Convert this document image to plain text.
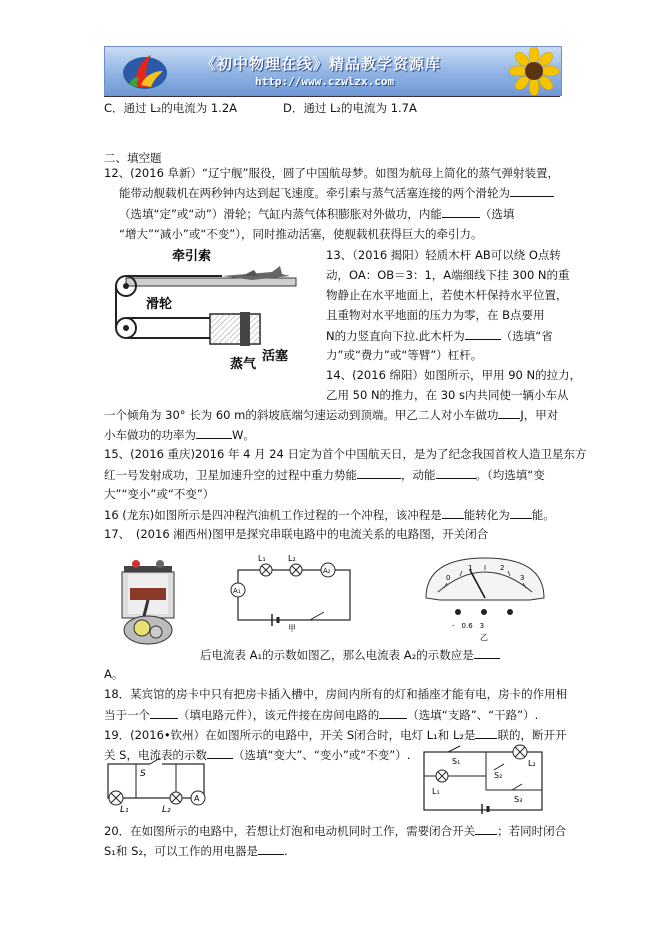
《初中物理在线》精品教学资源库
http://www.czwlzx.com
C．通过 L₂的电流为 1.2A　　　　D．通过 L₂的电流为 1.7A
二、填空题
12、(2016 阜新）“辽宁舰”服役，圆了中国航母梦。如图为航母上简化的蒸气弹射装置，
能带动舰载机在两秒钟内达到起飞速度。牵引索与蒸气活塞连接的两个滑轮为
（选填“定”或“动”）滑轮；气缸内蒸气体积膨胀对外做功，内能	（选填
“增大”“减小”或“不变”），同时推动活塞，使舰载机获得巨大的牵引力。
牵引索
滑轮
蒸气
活塞
13、（2016 揭阳）轻质木杆 AB可以绕 O点转
动，OA：OB＝3：1，A端细线下挂 300 N的重
物静止在水平地面上，若使木杆保持水平位置，
且重物对水平地面的压力为零，在 B点要用
N的力竖直向下拉.此木杆为	（选填“省
力”或“费力”或“等臂”）杠杆。
14、(2016 绵阳）如图所示，甲用 90 N的拉力，
乙用 50 N的推力，在 30 s内共同使一辆小车从
一个倾角为 30° 长为 60 m的斜坡底端匀速运动到顶端。甲乙二人对小车做功 J，甲对
小车做功的功率为	W。
15、(2016 重庆)2016 年 4 月 24 日定为首个中国航天日，是为了纪念我国首枚人造卫星东方
红一号发射成功，卫星加速升空的过程中重力势能	，动能	。（均选填“变
大”“变小”或“不变”）
16 (龙东)如图所示是四冲程汽油机工作过程的一个冲程，该冲程是 能转化为 能。
17、　(2016 湘西州)图甲是探究串联电路中的电流关系的电路图，开关闭合
L₁	L₂
A₂
A₁
甲
0
1	2
3
-　0.6　3
乙
后电流表 A₁的示数如图乙，那么电流表 A₂的示数应是
A。
18．某宾馆的房卡中只有把房卡插入槽中，房间内所有的灯和插座才能有电，房卡的作用相
当于一个 （填电路元件），该元件接在房间电路的 （选填“支路”、“干路”）.
19．(2016•钦州）在如图所示的电路中，开关 S闭合时，电灯 L₁和 L₂是 联的，断开开
关 S，电流表的示数 （选填“变大”、“变小”或“不变”）.
S
L₁	L₂
A
S₁
S₂
S₃
L₁
L₂
20．在如图所示的电路中，若想让灯泡和电动机同时工作，需要闭合开关 ；若同时闭合
S₁和 S₂，可以工作的用电器是 .
